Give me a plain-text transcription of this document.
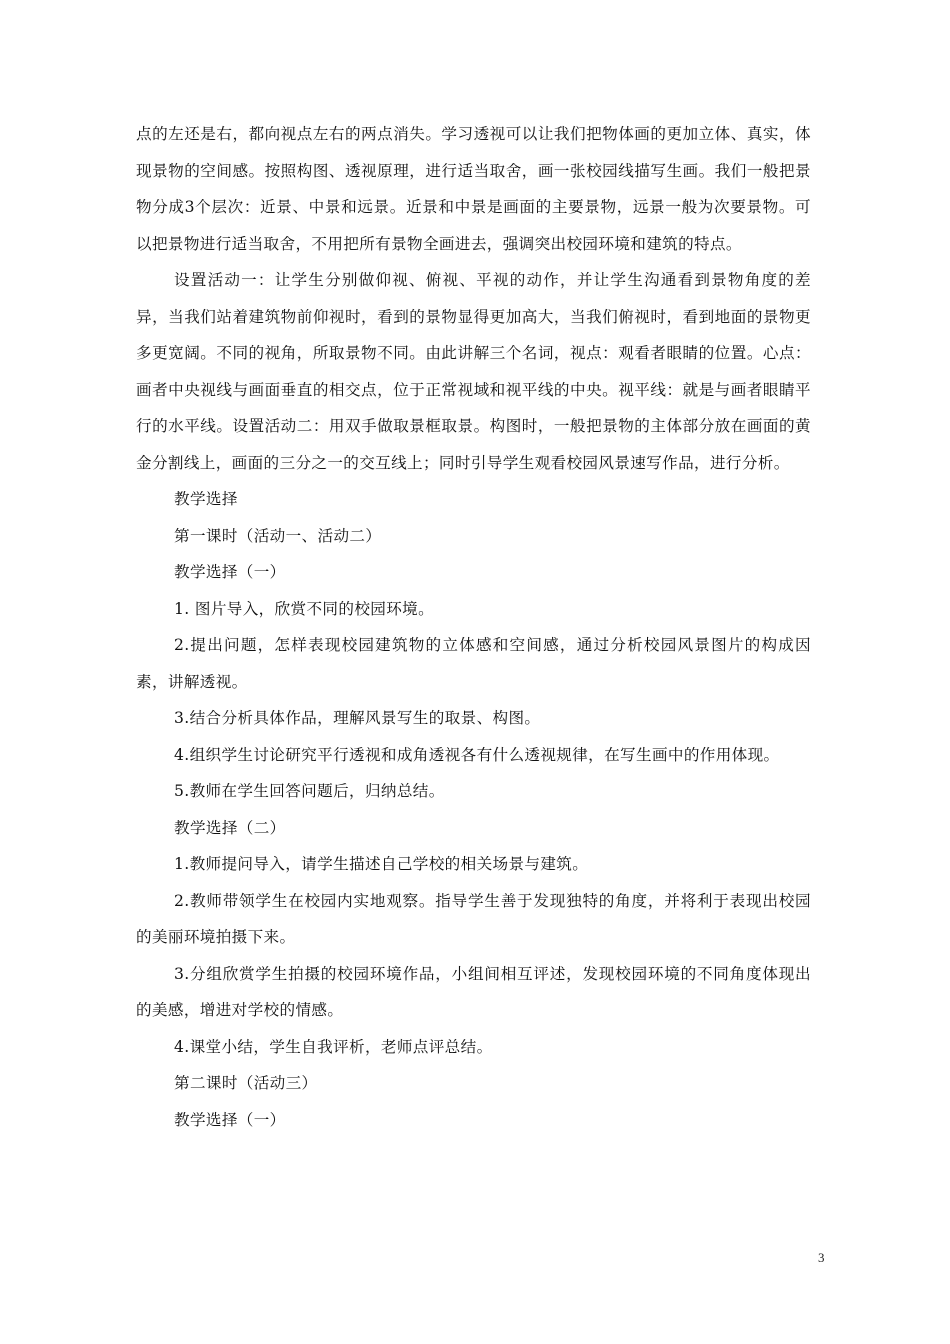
点的左还是右，都向视点左右的两点消失。学习透视可以让我们把物体画的更加立体、真实，体现景物的空间感。按照构图、透视原理，进行适当取舍，画一张校园线描写生画。我们一般把景物分成3个层次：近景、中景和远景。近景和中景是画面的主要景物，远景一般为次要景物。可以把景物进行适当取舍，不用把所有景物全画进去，强调突出校园环境和建筑的特点。

设置活动一：让学生分别做仰视、俯视、平视的动作，并让学生沟通看到景物角度的差异，当我们站着建筑物前仰视时，看到的景物显得更加高大，当我们俯视时，看到地面的景物更多更宽阔。不同的视角，所取景物不同。由此讲解三个名词，视点：观看者眼睛的位置。心点：画者中央视线与画面垂直的相交点，位于正常视域和视平线的中央。视平线：就是与画者眼睛平行的水平线。设置活动二：用双手做取景框取景。构图时，一般把景物的主体部分放在画面的黄金分割线上，画面的三分之一的交互线上；同时引导学生观看校园风景速写作品，进行分析。

教学选择

第一课时（活动一、活动二）

教学选择（一）

1. 图片导入，欣赏不同的校园环境。

2.提出问题，怎样表现校园建筑物的立体感和空间感，通过分析校园风景图片的构成因素，讲解透视。

3.结合分析具体作品，理解风景写生的取景、构图。

4.组织学生讨论研究平行透视和成角透视各有什么透视规律，在写生画中的作用体现。

5.教师在学生回答问题后，归纳总结。

教学选择（二）

1.教师提问导入，请学生描述自己学校的相关场景与建筑。

2.教师带领学生在校园内实地观察。指导学生善于发现独特的角度，并将利于表现出校园的美丽环境拍摄下来。

3.分组欣赏学生拍摄的校园环境作品，小组间相互评述，发现校园环境的不同角度体现出的美感，增进对学校的情感。

4.课堂小结，学生自我评析，老师点评总结。

第二课时（活动三）

教学选择（一）

3
